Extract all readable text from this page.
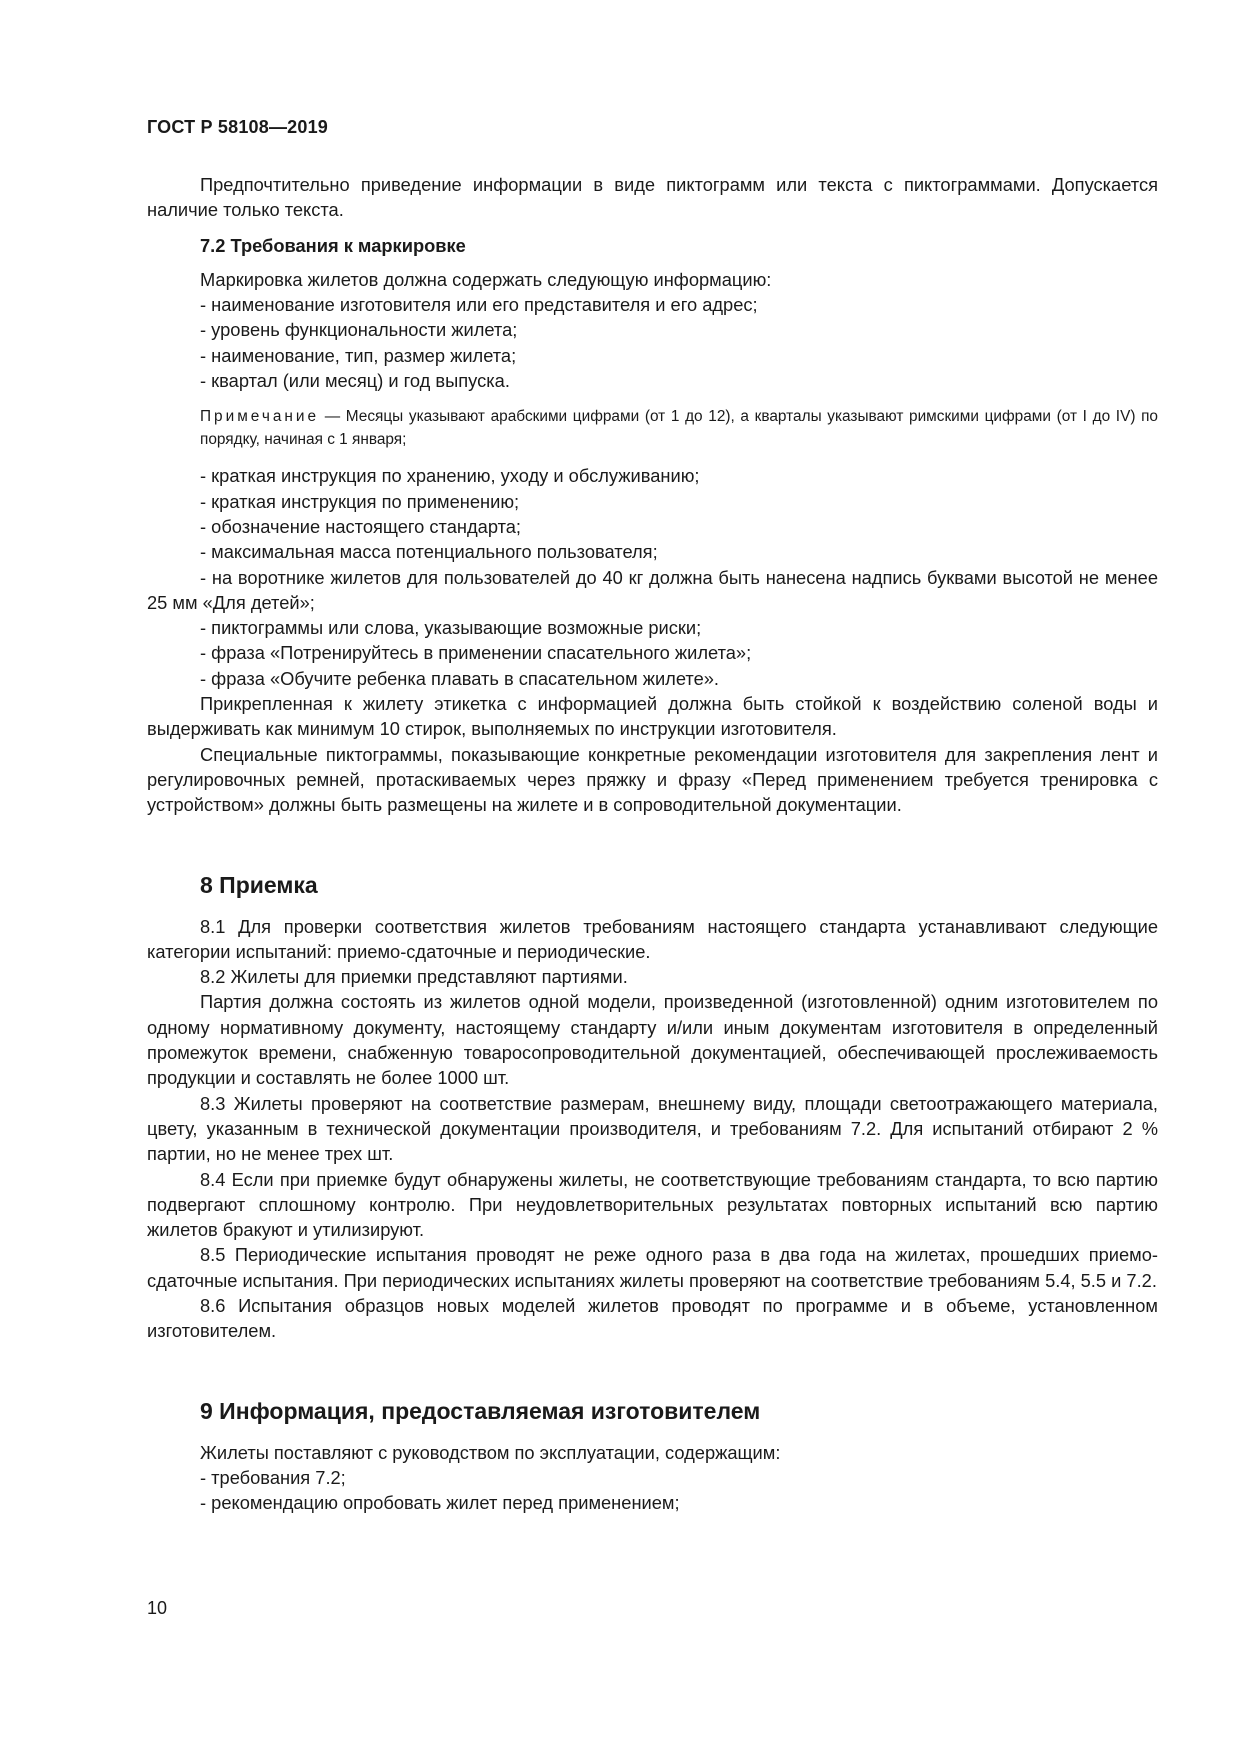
ГОСТ Р 58108—2019

Предпочтительно приведение информации в виде пиктограмм или текста с пиктограммами. Допускается наличие только текста.

7.2 Требования к маркировке

Маркировка жилетов должна содержать следующую информацию:

- наименование изготовителя или его представителя и его адрес;
- уровень функциональности жилета;
- наименование, тип, размер жилета;
- квартал (или месяц) и год выпуска.

Примечание — Месяцы указывают арабскими цифрами (от 1 до 12), а кварталы указывают римскими цифрами (от I до IV) по порядку, начиная с 1 января;

- краткая инструкция по хранению, уходу и обслуживанию;
- краткая инструкция по применению;
- обозначение настоящего стандарта;
- максимальная масса потенциального пользователя;

- на воротнике жилетов для пользователей до 40 кг должна быть нанесена надпись буквами высотой не менее 25 мм «Для детей»;

- пиктограммы или слова, указывающие возможные риски;
- фраза «Потренируйтесь в применении спасательного жилета»;
- фраза «Обучите ребенка плавать в спасательном жилете».

Прикрепленная к жилету этикетка с информацией должна быть стойкой к воздействию соленой воды и выдерживать как минимум 10 стирок, выполняемых по инструкции изготовителя.

Специальные пиктограммы, показывающие конкретные рекомендации изготовителя для закрепления лент и регулировочных ремней, протаскиваемых через пряжку и фразу «Перед применением требуется тренировка с устройством» должны быть размещены на жилете и в сопроводительной документации.

8 Приемка

8.1 Для проверки соответствия жилетов требованиям настоящего стандарта устанавливают следующие категории испытаний: приемо-сдаточные и периодические.

8.2 Жилеты для приемки представляют партиями.

Партия должна состоять из жилетов одной модели, произведенной (изготовленной) одним изготовителем по одному нормативному документу, настоящему стандарту и/или иным документам изготовителя в определенный промежуток времени, снабженную товаросопроводительной документацией, обеспечивающей прослеживаемость продукции и составлять не более 1000 шт.

8.3 Жилеты проверяют на соответствие размерам, внешнему виду, площади светоотражающего материала, цвету, указанным в технической документации производителя, и требованиям 7.2. Для испытаний отбирают 2 % партии, но не менее трех шт.

8.4 Если при приемке будут обнаружены жилеты, не соответствующие требованиям стандарта, то всю партию подвергают сплошному контролю. При неудовлетворительных результатах повторных испытаний всю партию жилетов бракуют и утилизируют.

8.5 Периодические испытания проводят не реже одного раза в два года на жилетах, прошедших приемо-сдаточные испытания. При периодических испытаниях жилеты проверяют на соответствие требованиям 5.4, 5.5 и 7.2.

8.6 Испытания образцов новых моделей жилетов проводят по программе и в объеме, установленном изготовителем.

9 Информация, предоставляемая изготовителем

Жилеты поставляют с руководством по эксплуатации, содержащим:

- требования 7.2;
- рекомендацию опробовать жилет перед применением;
10
